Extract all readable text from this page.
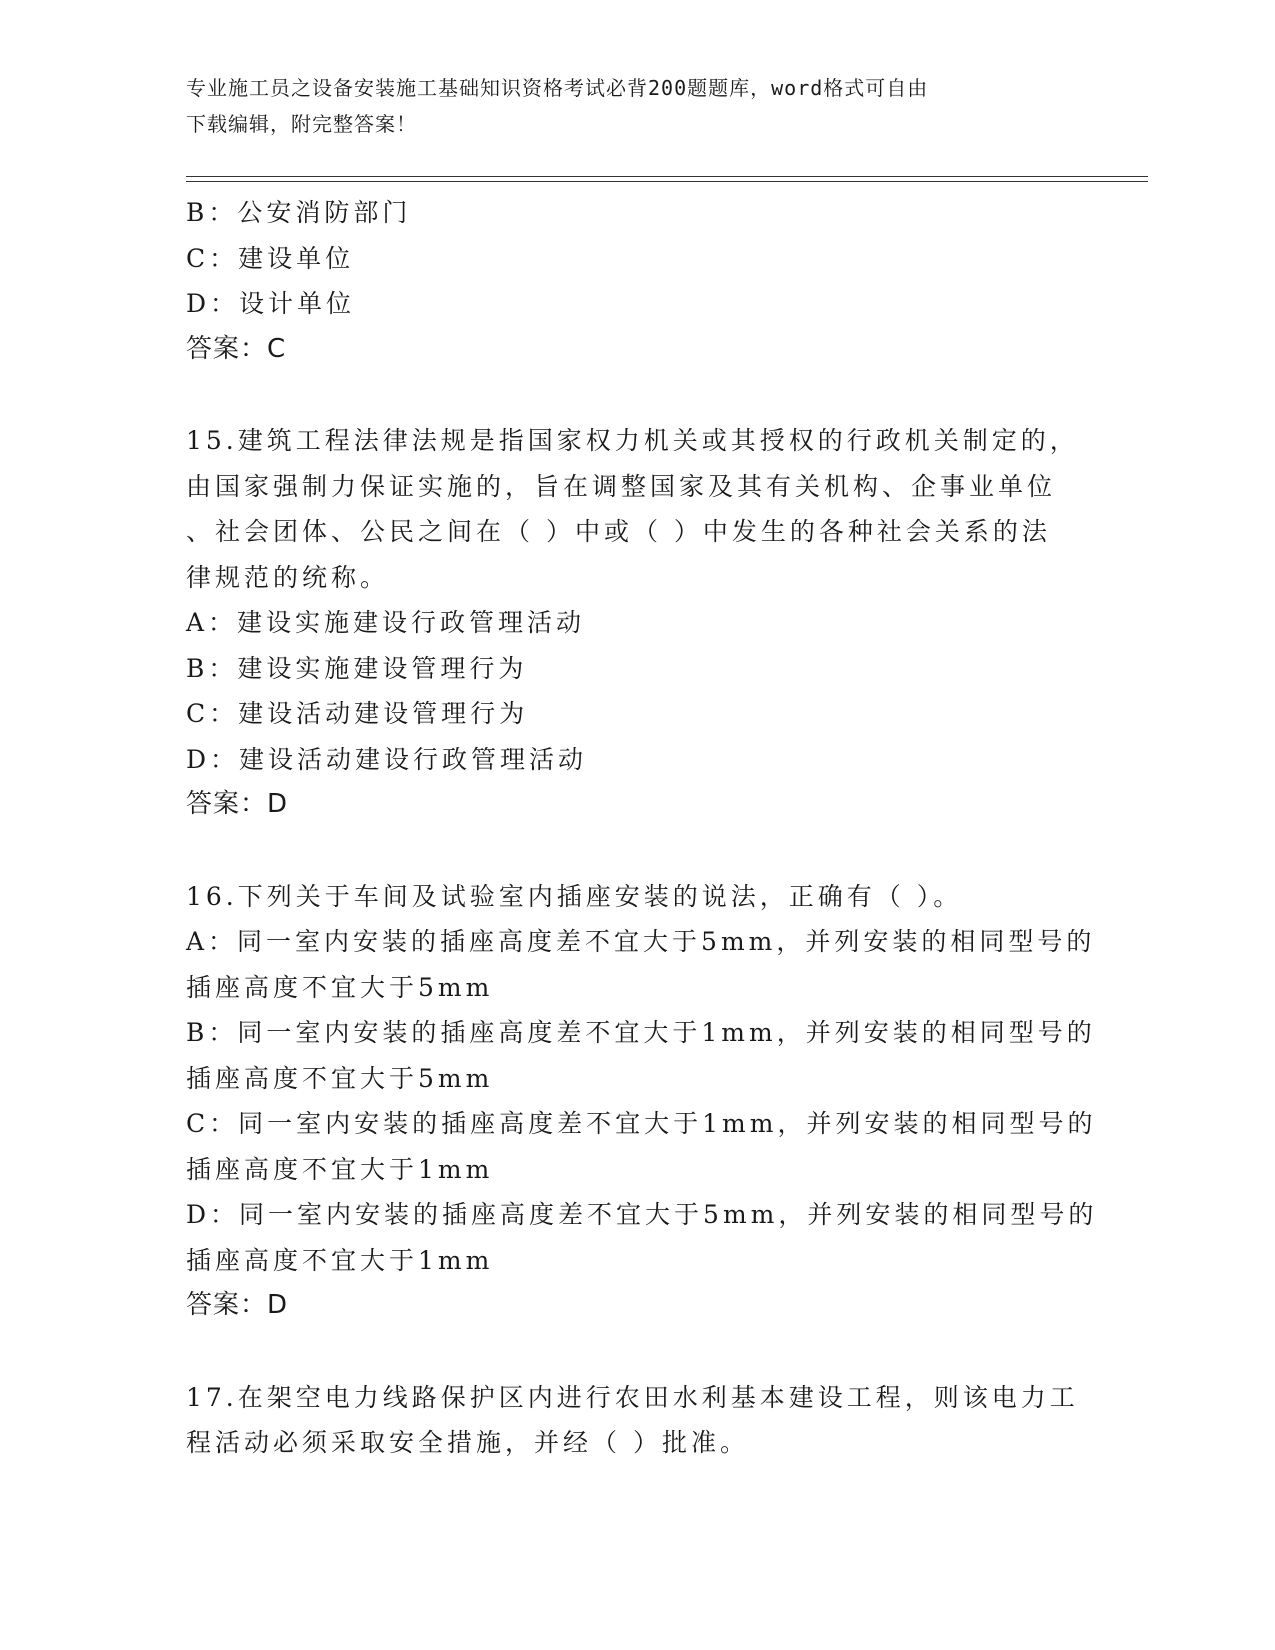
专业施工员之设备安装施工基础知识资格考试必背200题题库，word格式可自由
下载编辑，附完整答案！
B：公安消防部门
C：建设单位
D：设计单位
答案：C
15.建筑工程法律法规是指国家权力机关或其授权的行政机关制定的，
由国家强制力保证实施的，旨在调整国家及其有关机构、企事业单位
、社会团体、公民之间在（ ）中或（ ）中发生的各种社会关系的法
律规范的统称。
A：建设实施建设行政管理活动
B：建设实施建设管理行为
C：建设活动建设管理行为
D：建设活动建设行政管理活动
答案：D
16.下列关于车间及试验室内插座安装的说法，正确有（ ）。
A：同一室内安装的插座高度差不宜大于5mm，并列安装的相同型号的
插座高度不宜大于5mm
B：同一室内安装的插座高度差不宜大于1mm，并列安装的相同型号的
插座高度不宜大于5mm
C：同一室内安装的插座高度差不宜大于1mm，并列安装的相同型号的
插座高度不宜大于1mm
D：同一室内安装的插座高度差不宜大于5mm，并列安装的相同型号的
插座高度不宜大于1mm
答案：D
17.在架空电力线路保护区内进行农田水利基本建设工程，则该电力工
程活动必须采取安全措施，并经（ ）批准。
